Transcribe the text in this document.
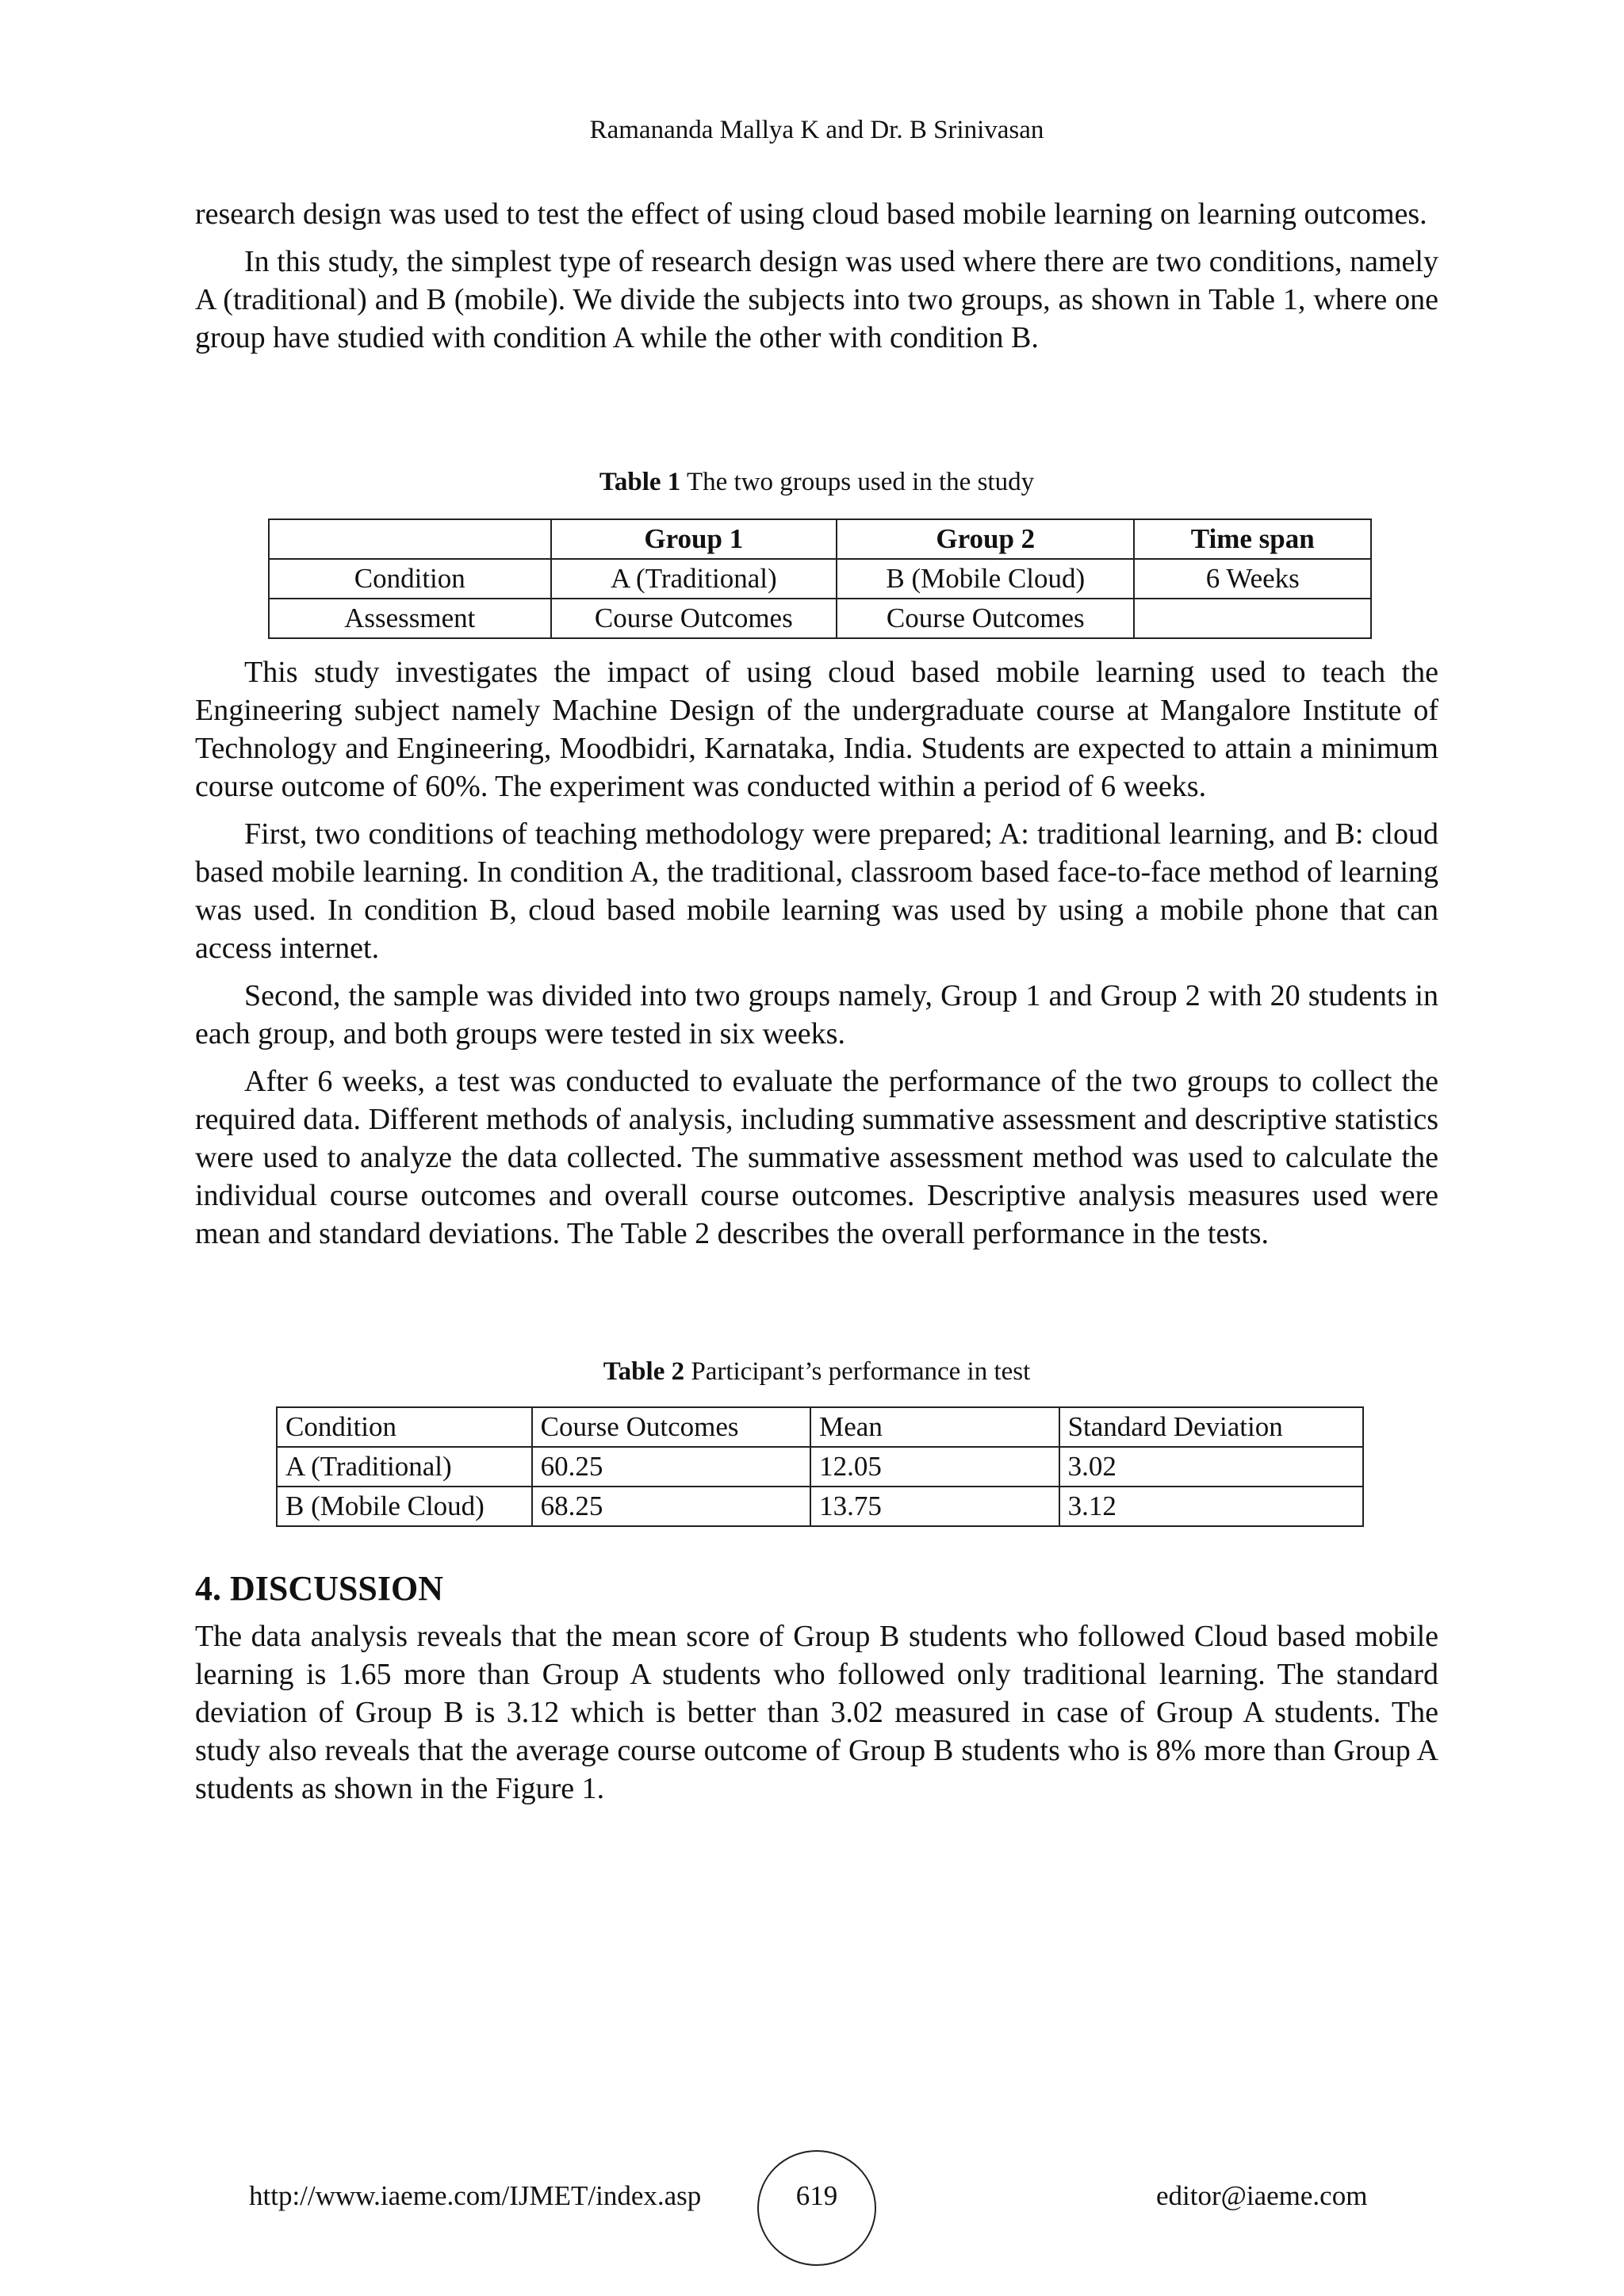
Ramananda Mallya K and Dr. B Srinivasan

research design was used to test the effect of using cloud based mobile learning on learning outcomes.

In this study, the simplest type of research design was used where there are two conditions, namely A (traditional) and B (mobile). We divide the subjects into two groups, as shown in Table 1, where one group have studied with condition A while the other with condition B.

Table 1 The two groups used in the study
	Group 1	Group 2	Time span
Condition	A (Traditional)	B (Mobile Cloud)	6 Weeks
Assessment	Course Outcomes	Course Outcomes	

This study investigates the impact of using cloud based mobile learning used to teach the Engineering subject namely Machine Design of the undergraduate course at Mangalore Institute of Technology and Engineering, Moodbidri, Karnataka, India. Students are expected to attain a minimum course outcome of 60%. The experiment was conducted within a period of 6 weeks.

First, two conditions of teaching methodology were prepared; A: traditional learning, and B: cloud based mobile learning. In condition A, the traditional, classroom based face-to-face method of learning was used. In condition B, cloud based mobile learning was used by using a mobile phone that can access internet.

Second, the sample was divided into two groups namely, Group 1 and Group 2 with 20 students in each group, and both groups were tested in six weeks.

After 6 weeks, a test was conducted to evaluate the performance of the two groups to collect the required data. Different methods of analysis, including summative assessment and descriptive statistics were used to analyze the data collected. The summative assessment method was used to calculate the individual course outcomes and overall course outcomes. Descriptive analysis measures used were mean and standard deviations. The Table 2 describes the overall performance in the tests.

Table 2 Participant’s performance in test
Condition	Course Outcomes	Mean	Standard Deviation
A (Traditional)	60.25	12.05	3.02
B (Mobile Cloud)	68.25	13.75	3.12
4. DISCUSSION

The data analysis reveals that the mean score of Group B students who followed Cloud based mobile learning is 1.65 more than Group A students who followed only traditional learning. The standard deviation of Group B is 3.12 which is better than 3.02 measured in case of Group A students. The study also reveals that the average course outcome of Group B students who is 8% more than Group A students as shown in the Figure 1.

http://www.iaeme.com/IJMET/index.asp	619	editor@iaeme.com
